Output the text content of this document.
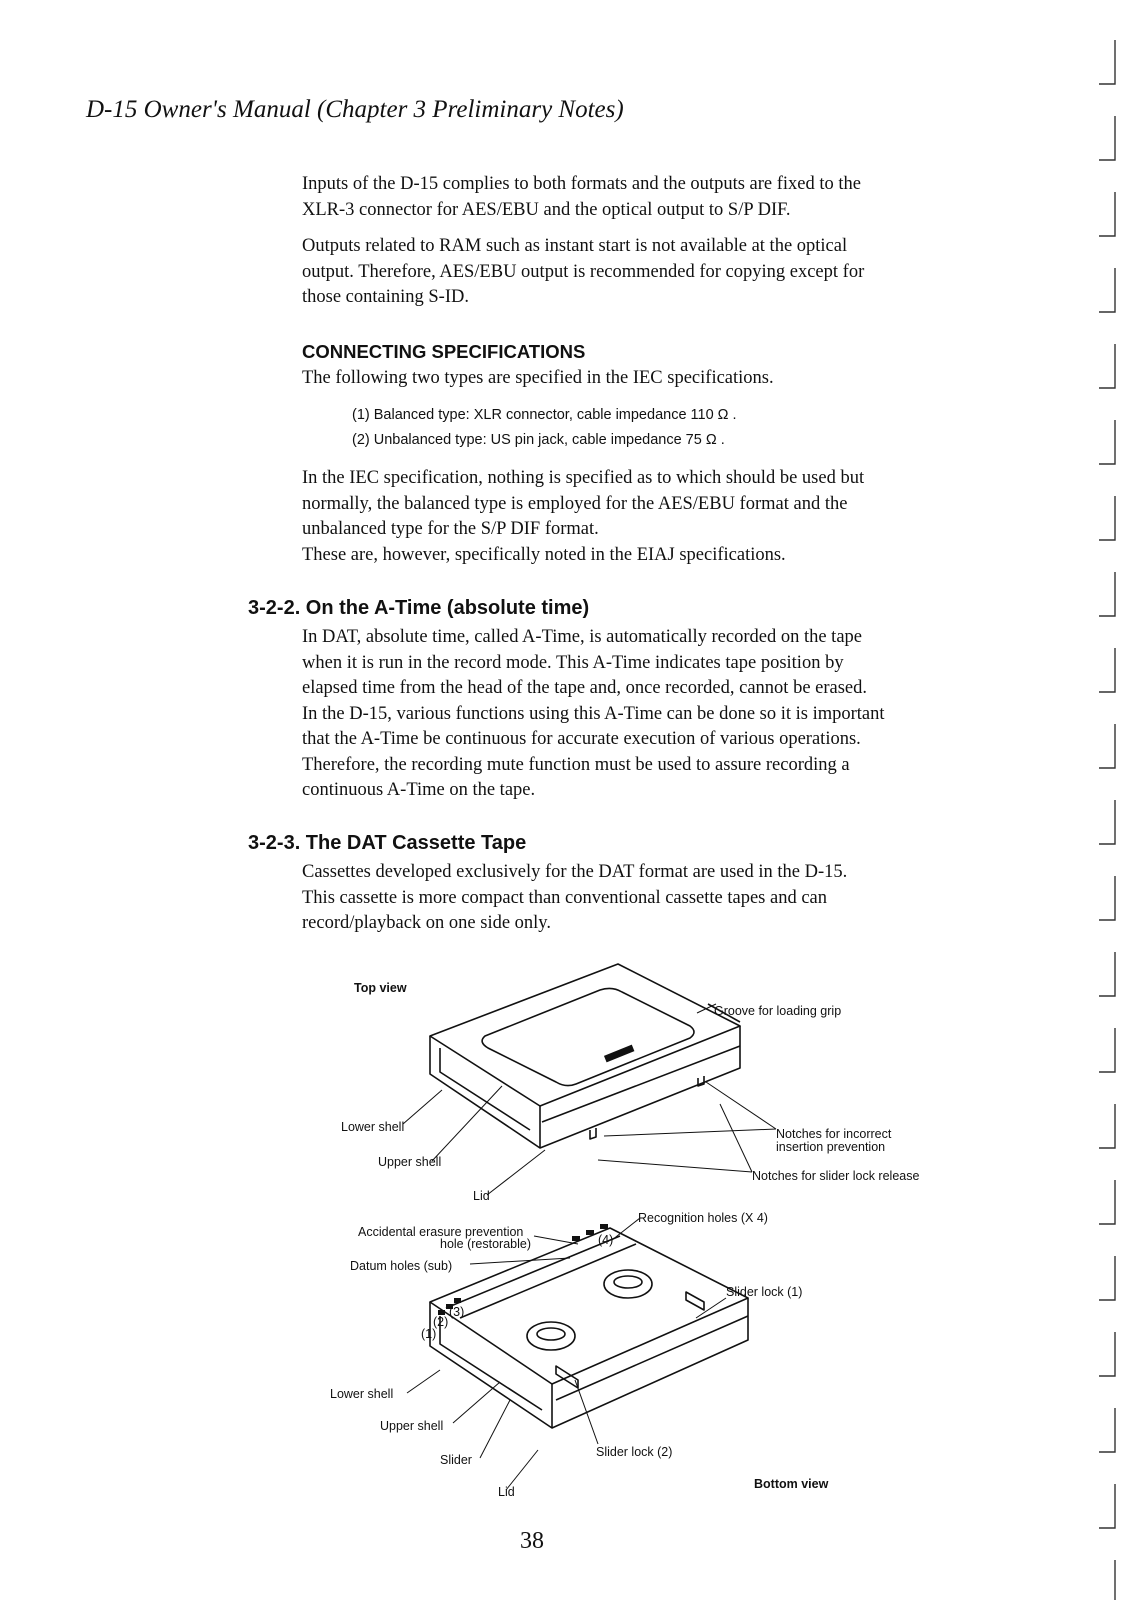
D-15 Owner's Manual (Chapter 3 Preliminary Notes)

Inputs of the D-15 complies to both formats and the outputs are fixed to the
XLR-3 connector for AES/EBU and the optical output to S/P DIF.

Outputs related to RAM such as instant start is not available at the optical
output. Therefore, AES/EBU output is recommended for copying except for
those containing S-ID.

CONNECTING SPECIFICATIONS

The following two types are specified in the IEC specifications.

(1) Balanced type: XLR connector, cable impedance 110 Ω .
(2) Unbalanced type: US pin jack, cable impedance 75 Ω .

In the IEC specification, nothing is specified as to which should be used but
normally, the balanced type is employed for the AES/EBU format and the
unbalanced type for the S/P DIF format.
These are, however, specifically noted in the EIAJ specifications.

3-2-2. On the A-Time (absolute time)

In DAT, absolute time, called A-Time, is automatically recorded on the tape
when it is run in the record mode. This A-Time indicates tape position by
elapsed time from the head of the tape and, once recorded, cannot be erased.
In the D-15, various functions using this A-Time can be done so it is important
that the A-Time be continuous for accurate execution of various operations.
Therefore, the recording mute function must be used to assure recording a
continuous A-Time on the tape.

3-2-3. The DAT Cassette Tape

Cassettes developed exclusively for the DAT format are used in the D-15.
This cassette is more compact than conventional cassette tapes and can
record/playback on one side only.

Top view
Groove for loading grip
Lower shell
Upper shell
Lid
Notches for incorrect
insertion prevention
Notches for slider lock release
Accidental erasure prevention
hole (restorable)
Recognition holes (X 4)
(4)
Datum holes (sub)
Slider lock (1)
(1)
(2)
(3)
Lower shell
Upper shell
Slider
Slider lock (2)
Lid
Bottom view
38
